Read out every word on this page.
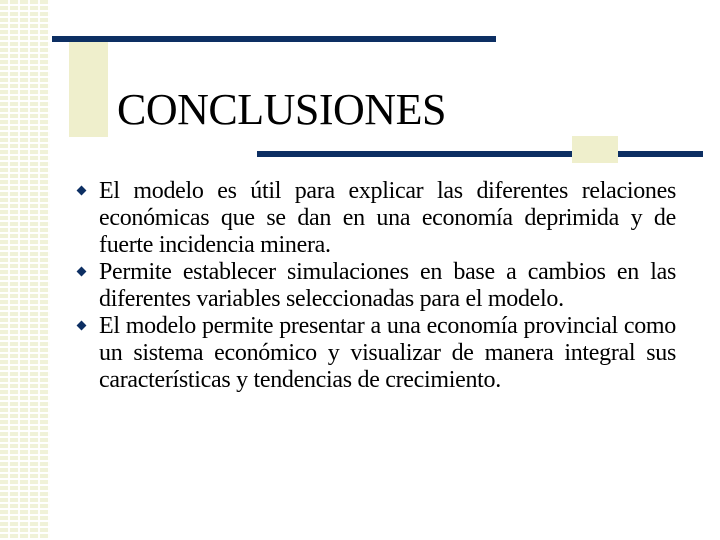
CONCLUSIONES
El modelo es útil para explicar las diferentes relaciones económicas que se dan en una economía deprimida y de fuerte incidencia minera.
Permite establecer simulaciones en base a cambios en las diferentes variables seleccionadas para el modelo.
El modelo permite presentar a una economía provincial como un sistema económico y visualizar de manera integral sus características y tendencias de crecimiento.
